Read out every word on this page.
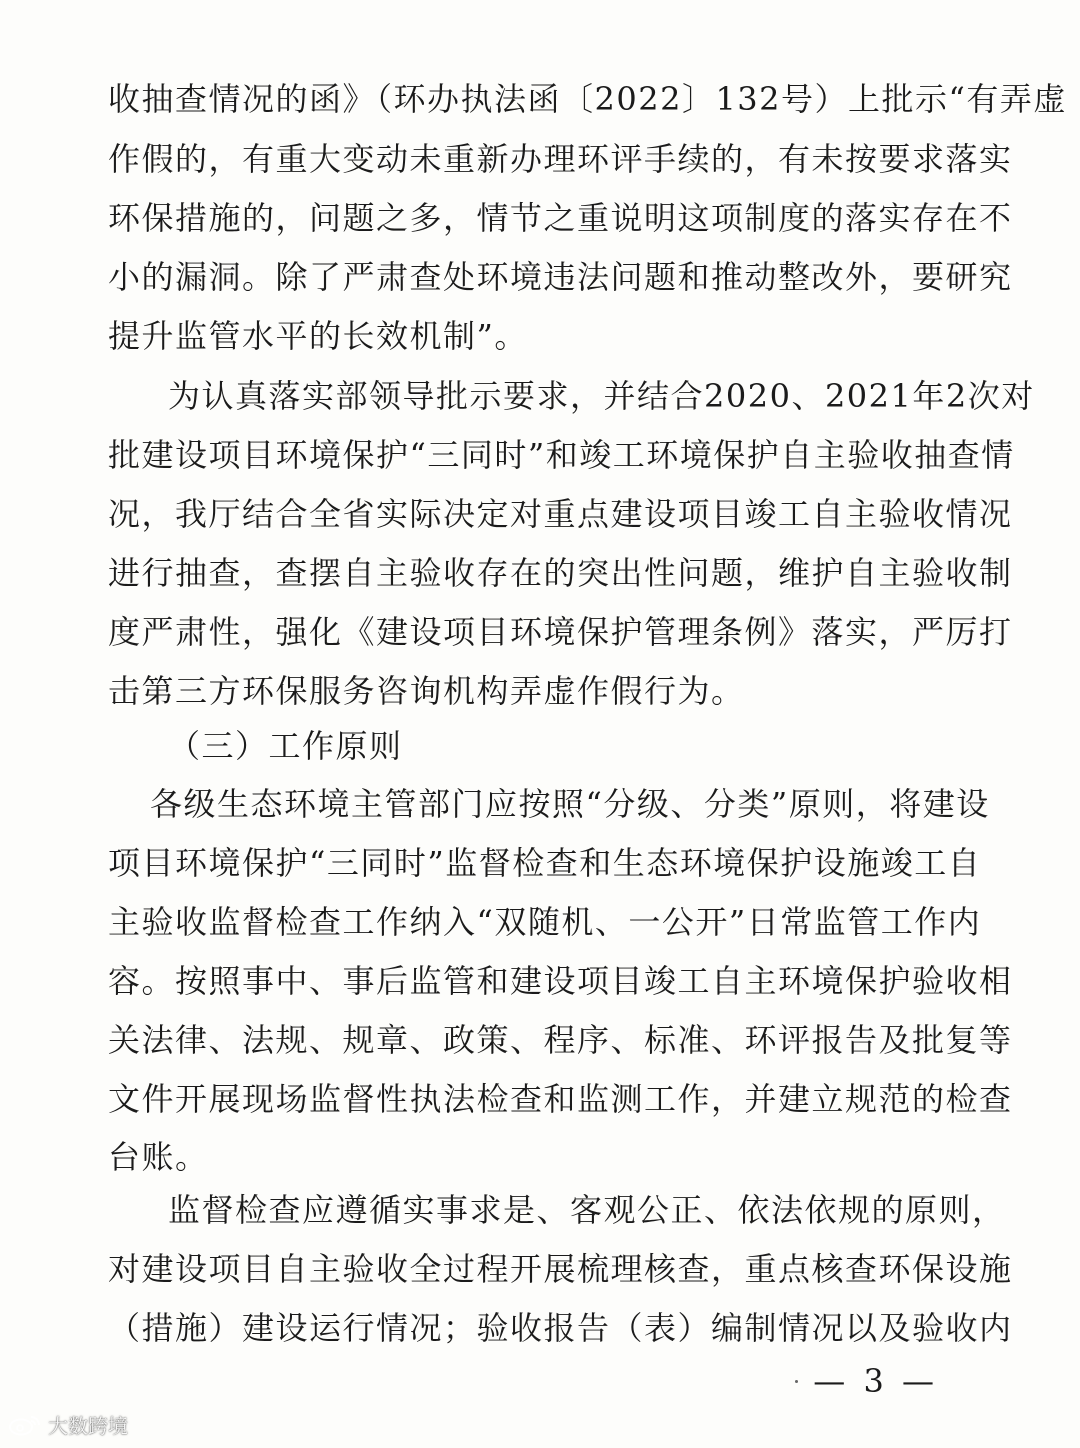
收抽查情况的函》（环办执法函〔2022〕132号）上批示“有弄虚
作假的，有重大变动未重新办理环评手续的，有未按要求落实
环保措施的，问题之多，情节之重说明这项制度的落实存在不
小的漏洞。除了严肃查处环境违法问题和推动整改外，要研究
提升监管水平的长效机制”。
为认真落实部领导批示要求，并结合2020、2021年2次对
批建设项目环境保护“三同时”和竣工环境保护自主验收抽查情
况，我厅结合全省实际决定对重点建设项目竣工自主验收情况
进行抽查，查摆自主验收存在的突出性问题，维护自主验收制
度严肃性，强化《建设项目环境保护管理条例》落实，严厉打
击第三方环保服务咨询机构弄虚作假行为。
（三）工作原则
各级生态环境主管部门应按照“分级、分类”原则，将建设
项目环境保护“三同时”监督检查和生态环境保护设施竣工自
主验收监督检查工作纳入“双随机、一公开”日常监管工作内
容。按照事中、事后监管和建设项目竣工自主环境保护验收相
关法律、法规、规章、政策、程序、标准、环评报告及批复等
文件开展现场监督性执法检查和监测工作，并建立规范的检查
台账。
监督检查应遵循实事求是、客观公正、依法依规的原则，
对建设项目自主验收全过程开展梳理核查，重点核查环保设施
（措施）建设运行情况；验收报告（表）编制情况以及验收内
— 3 —
大数跨境
